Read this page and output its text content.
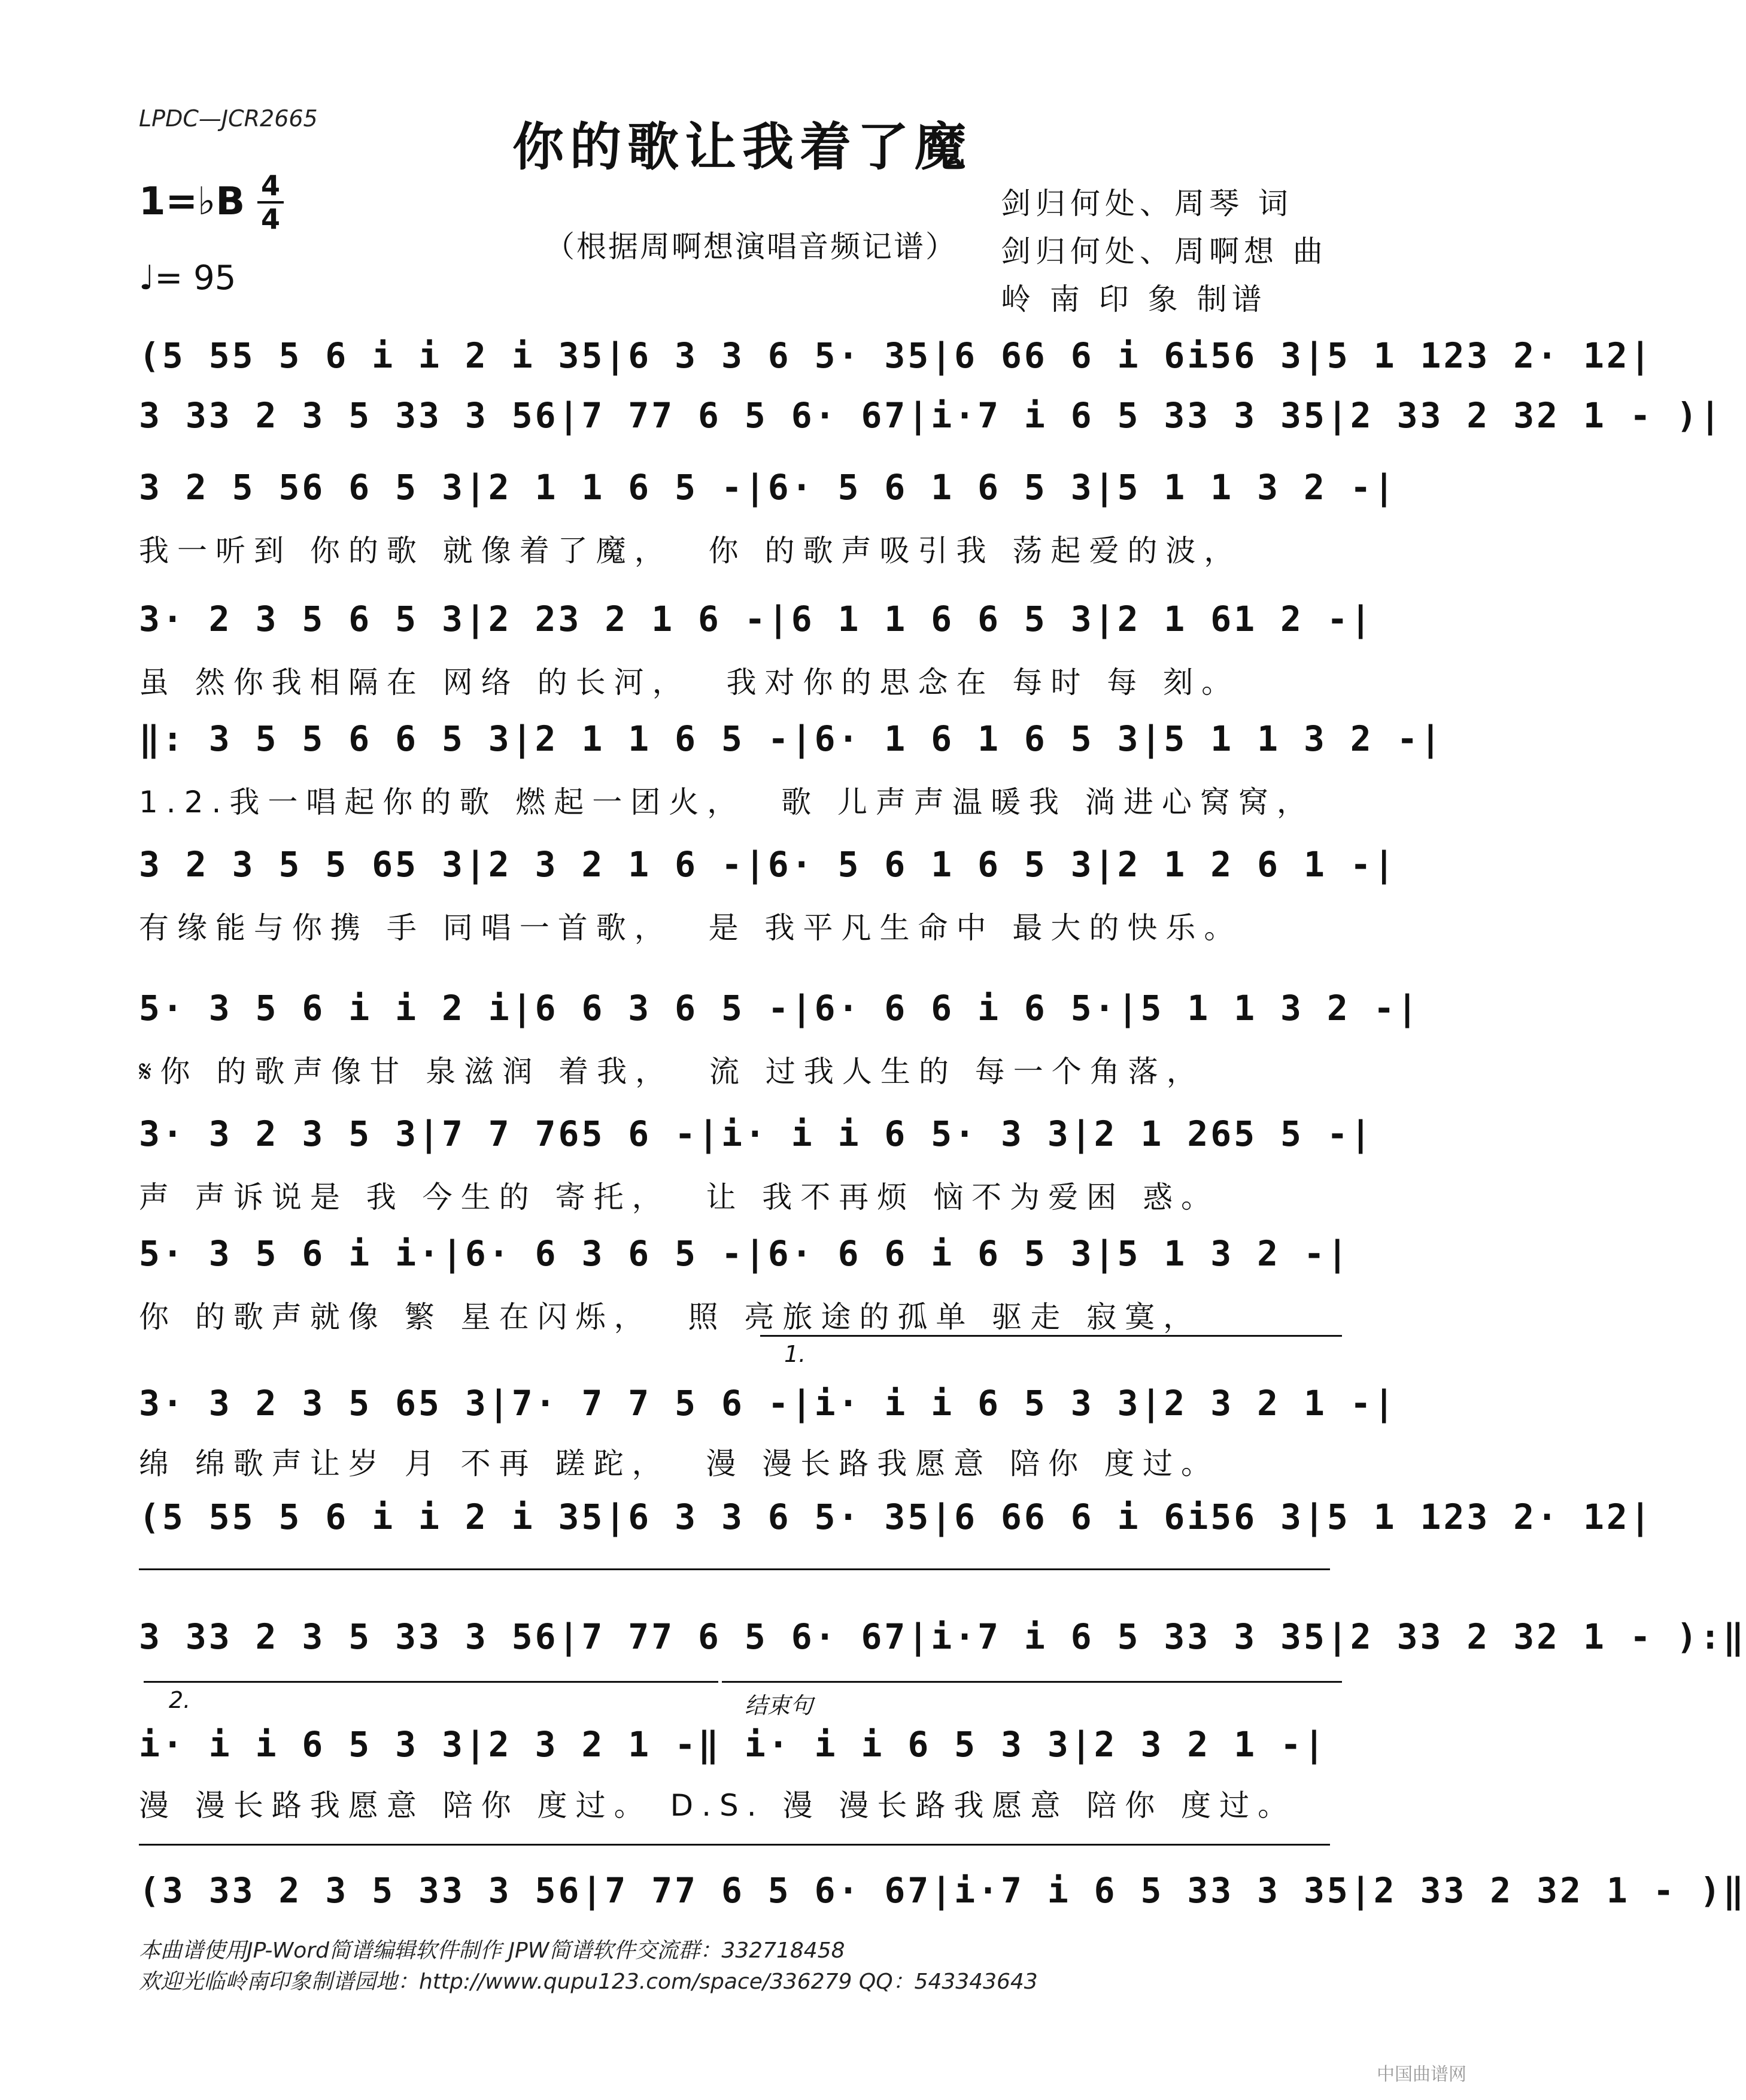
LPDC—JCR2665	你的歌让我着了魔
1=♭B 4
4
♩= 95
（根据周啊想演唱音频记谱）
剑归何处、周琴 词
剑归何处、周啊想 曲
岭 南 印 象 制谱
(5 55 5 6 i i 2 i 35|6 3 3 6 5· 35|6 66 6 i 6i56 3|5 1 123 2· 12|
3 33 2 3 5 33 3 56|7 77 6 5 6· 67|i·7 i 6 5 33 3 35|2 33 2 32 1 - )|
3 2 5 56 6 5 3|2 1 1 6 5 -|6· 5 6 1 6 5 3|5 1 1 3 2 -|
我一听到 你的歌 就像着了魔，  你 的歌声吸引我 荡起爱的波，
3· 2 3 5 6 5 3|2 23 2 1 6 -|6 1 1 6 6 5 3|2 1 61 2 -|
虽 然你我相隔在 网络 的长河，  我对你的思念在 每时 每 刻。
‖: 3 5 5 6 6 5 3|2 1 1 6 5 -|6· 1 6 1 6 5 3|5 1 1 3 2 -|
1.2.我一唱起你的歌 燃起一团火，  歌 儿声声温暖我 淌进心窝窝，
3 2 3 5 5 65 3|2 3 2 1 6 -|6· 5 6 1 6 5 3|2 1 2 6 1 -|
有缘能与你携 手 同唱一首歌，  是 我平凡生命中 最大的快乐。
5· 3 5 6 i i 2 i|6 6 3 6 5 -|6· 6 6 i 6 5·|5 1 1 3 2 -|
𝄋你 的歌声像甘 泉滋润 着我，  流 过我人生的 每一个角落，
3· 3 2 3 5 3|7 7 765 6 -|i· i i 6 5· 3 3|2 1 265 5 -|
声 声诉说是 我 今生的 寄托，  让 我不再烦 恼不为爱困 惑。
5· 3 5 6 i i·|6· 6 3 6 5 -|6· 6 6 i 6 5 3|5 1 3 2 -|
你 的歌声就像 繁 星在闪烁，  照 亮旅途的孤单 驱走 寂寞，
1.
3· 3 2 3 5 65 3|7· 7 7 5 6 -|i· i i 6 5 3 3|2 3 2 1 -|
绵 绵歌声让岁 月 不再 蹉跎，  漫 漫长路我愿意 陪你 度过。
(5 55 5 6 i i 2 i 35|6 3 3 6 5· 35|6 66 6 i 6i56 3|5 1 123 2· 12|
3 33 2 3 5 33 3 56|7 77 6 5 6· 67|i·7 i 6 5 33 3 35|2 33 2 32 1 - ):‖
2.	结束句
i· i i 6 5 3 3|2 3 2 1 -‖ i· i i 6 5 3 3|2 3 2 1 -|
漫 漫长路我愿意 陪你 度过。 D.S. 漫 漫长路我愿意 陪你 度过。
(3 33 2 3 5 33 3 56|7 77 6 5 6· 67|i·7 i 6 5 33 3 35|2 33 2 32 1 - )‖
本曲谱使用JP-Word简谱编辑软件制作 JPW简谱软件交流群：332718458
欢迎光临岭南印象制谱园地：http://www.qupu123.com/space/336279 QQ：543343643
中国曲谱网
